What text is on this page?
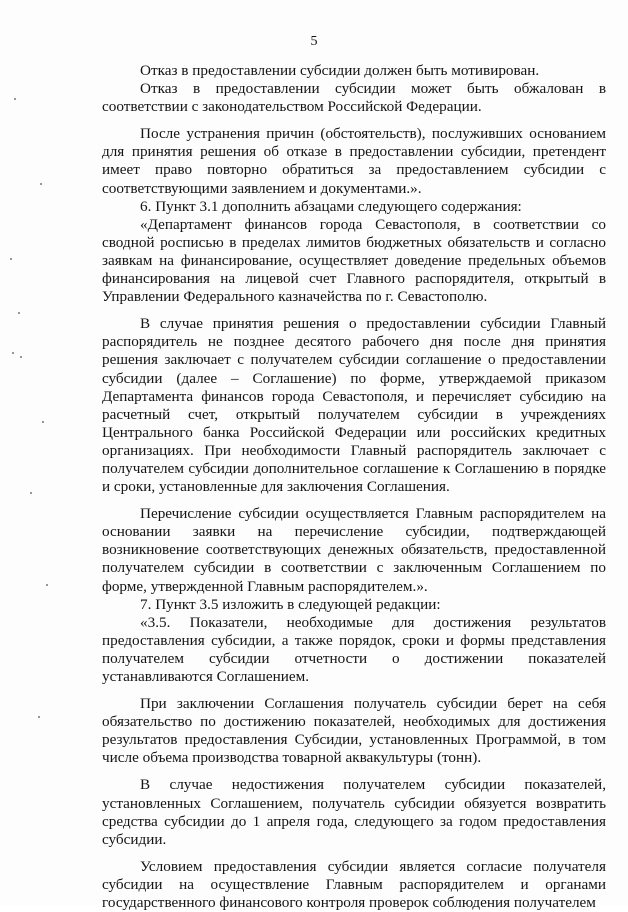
5

Отказ в предоставлении субсидии должен быть мотивирован.

Отказ в предоставлении субсидии может быть обжалован в соответствии с законодательством Российской Федерации.

После устранения причин (обстоятельств), послуживших основанием для принятия решения об отказе в предоставлении субсидии, претендент имеет право повторно обратиться за предоставлением субсидии с соответствующими заявлением и документами.».

6. Пункт 3.1 дополнить абзацами следующего содержания:

«Департамент финансов города Севастополя, в соответствии со сводной росписью в пределах лимитов бюджетных обязательств и согласно заявкам на финансирование, осуществляет доведение предельных объемов финансирования на лицевой счет Главного распорядителя, открытый в Управлении Федерального казначейства по г. Севастополю.

В случае принятия решения о предоставлении субсидии Главный распорядитель не позднее десятого рабочего дня после дня принятия решения заключает с получателем субсидии соглашение о предоставлении субсидии (далее – Соглашение) по форме, утверждаемой приказом Департамента финансов города Севастополя, и перечисляет субсидию на расчетный счет, открытый получателем субсидии в учреждениях Центрального банка Российской Федерации или российских кредитных организациях. При необходимости Главный распорядитель заключает с получателем субсидии дополнительное соглашение к Соглашению в порядке и сроки, установленные для заключения Соглашения.

Перечисление субсидии осуществляется Главным распорядителем на основании заявки на перечисление субсидии, подтверждающей возникновение соответствующих денежных обязательств, предоставленной получателем субсидии в соответствии с заключенным Соглашением по форме, утвержденной Главным распорядителем.».

7. Пункт 3.5 изложить в следующей редакции:

«3.5. Показатели, необходимые для достижения результатов предоставления субсидии, а также порядок, сроки и формы представления получателем субсидии отчетности о достижении показателей устанавливаются Соглашением.

При заключении Соглашения получатель субсидии берет на себя обязательство по достижению показателей, необходимых для достижения результатов предоставления Субсидии, установленных Программой, в том числе объема производства товарной аквакультуры (тонн).

В случае недостижения получателем субсидии показателей, установленных Соглашением, получатель субсидии обязуется возвратить средства субсидии до 1 апреля года, следующего за годом предоставления субсидии.

Условием предоставления субсидии является согласие получателя субсидии на осуществление Главным распорядителем и органами государственного финансового контроля проверок соблюдения получателем
